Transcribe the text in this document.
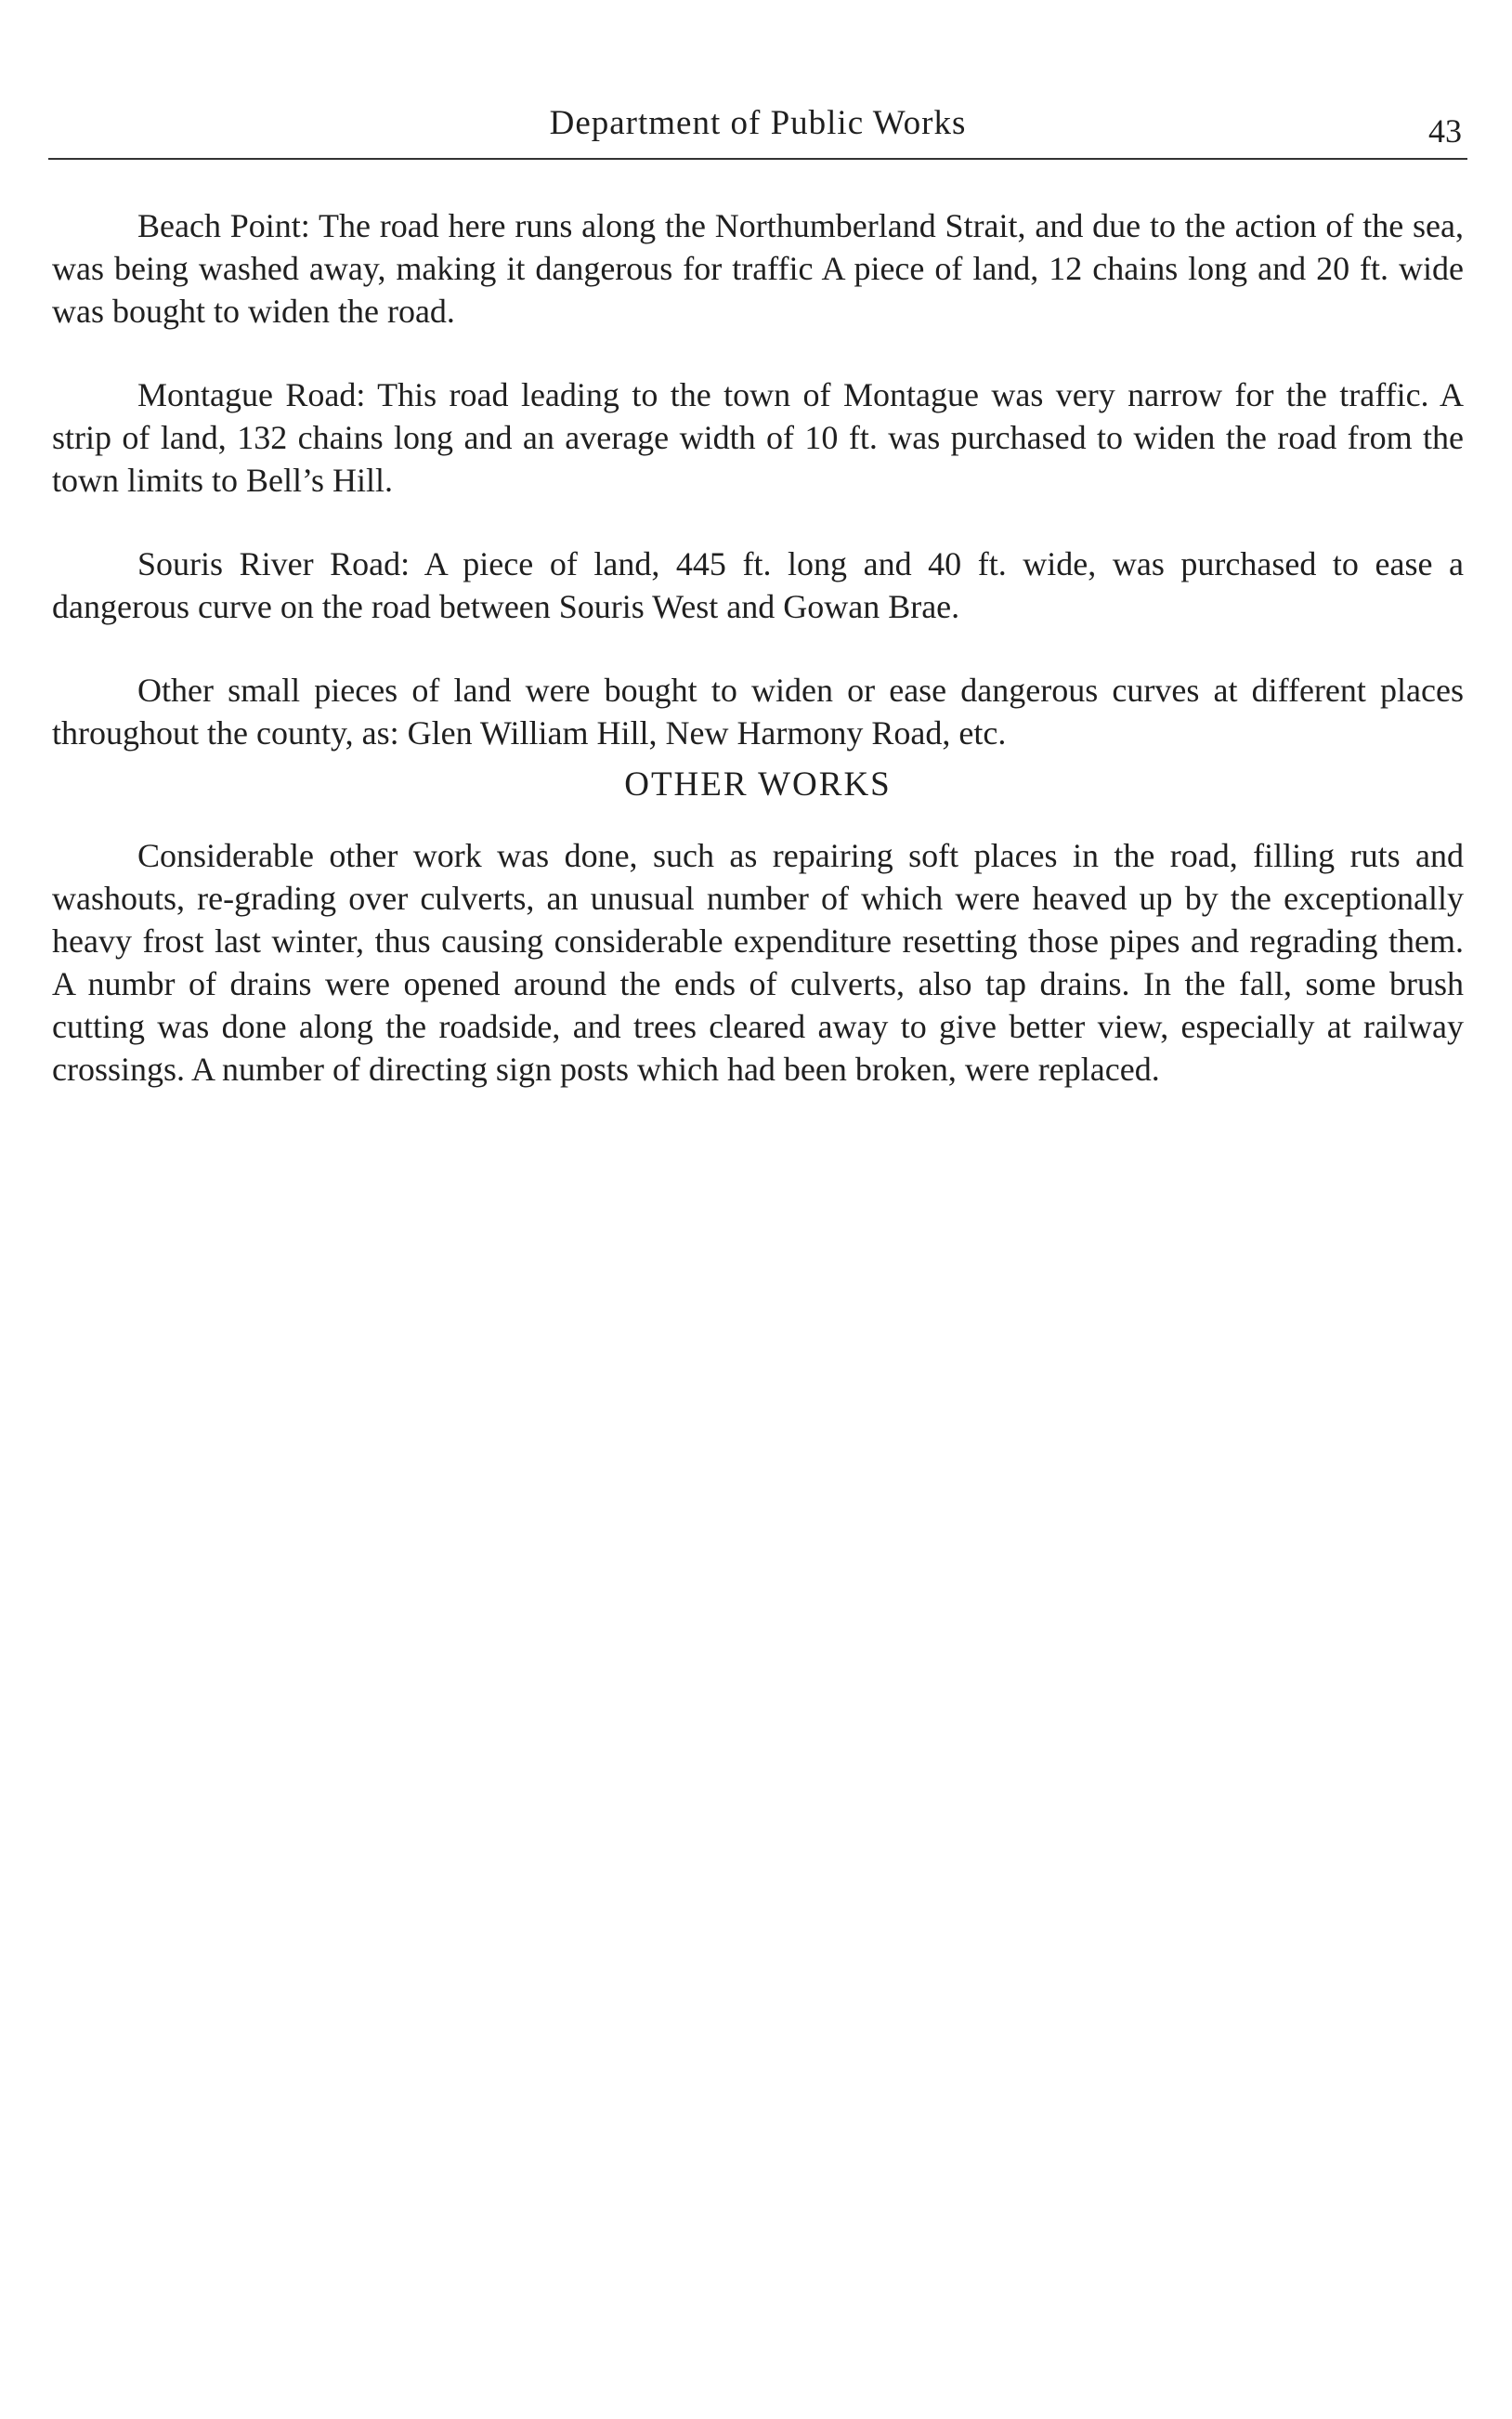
Department of Public Works	43

Beach Point: The road here runs along the Northumberland Strait, and due to the action of the sea, was being washed away, making it dangerous for traffic A piece of land, 12 chains long and 20 ft. wide was bought to widen the road.

Montague Road: This road leading to the town of Montague was very narrow for the traffic. A strip of land, 132 chains long and an average width of 10 ft. was purchased to widen the road from the town limits to Bell’s Hill.

Souris River Road: A piece of land, 445 ft. long and 40 ft. wide, was purchased to ease a dangerous curve on the road between Souris West and Gowan Brae.

Other small pieces of land were bought to widen or ease dangerous curves at different places throughout the county, as: Glen William Hill, New Harmony Road, etc.

OTHER WORKS

Considerable other work was done, such as repairing soft places in the road, filling ruts and washouts, re-grading over culverts, an unusual number of which were heaved up by the exceptionally heavy frost last winter, thus causing considerable expenditure resetting those pipes and regrading them. A numbr of drains were opened around the ends of culverts, also tap drains. In the fall, some brush cutting was done along the roadside, and trees cleared away to give better view, especially at railway crossings. A number of directing sign posts which had been broken, were replaced.
